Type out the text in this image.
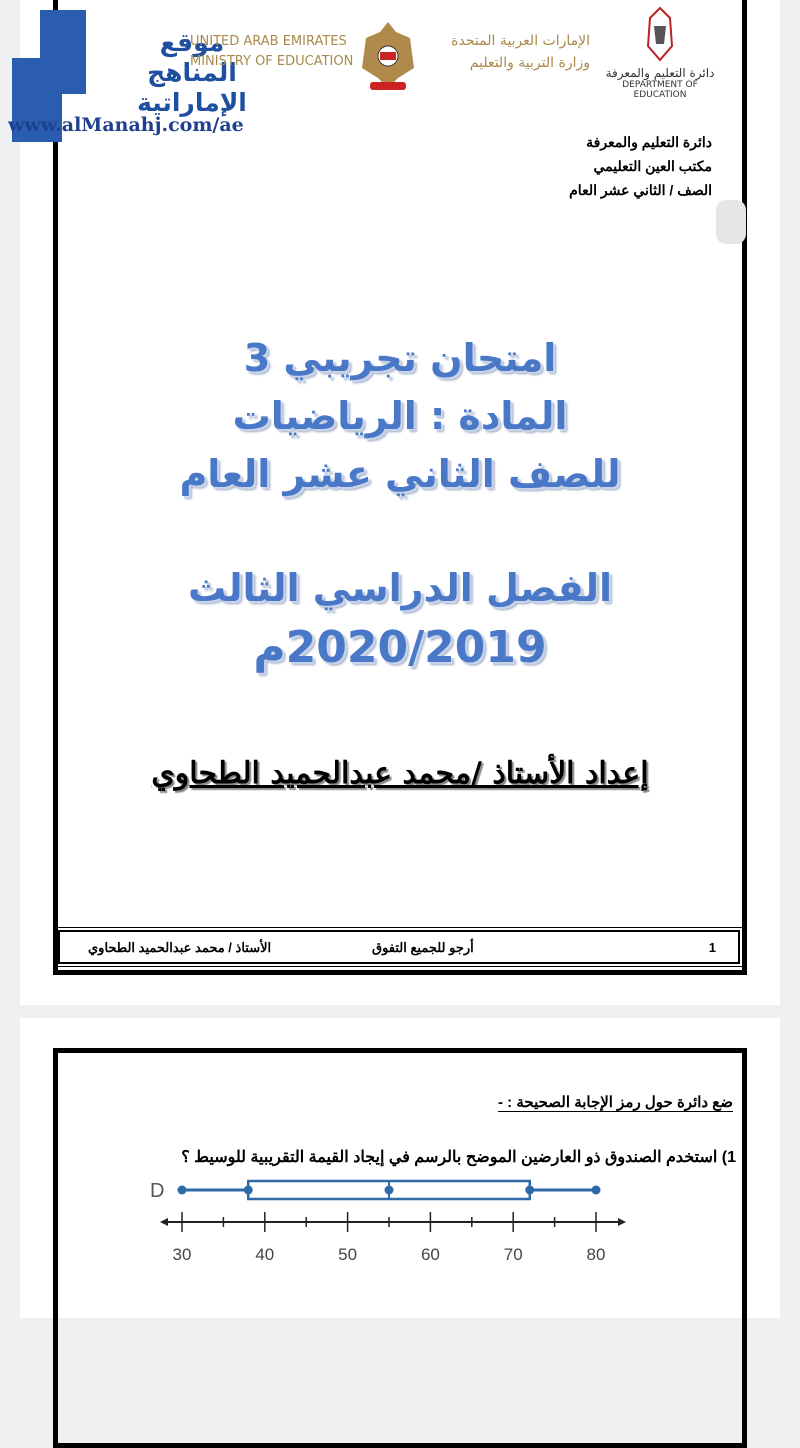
موقع
المناهج الإماراتية
www.alManahj.com/ae
UNITED ARAB EMIRATES
MINISTRY OF EDUCATION
الإمارات العربية المتحدة
وزارة التربية والتعليم
دائرة التعليم والمعرفة
DEPARTMENT OF EDUCATION
دائرة التعليم والمعرفة
مكتب العين التعليمي
الصف / الثاني عشر العام
امتحان تجريبي 3
المادة : الرياضيات
للصف الثاني عشر العام
الفصل الدراسي الثالث
2020/2019م
إعداد الأستاذ /محمد عبدالحميد الطحاوي
1
أرجو للجميع التفوق
الأستاذ / محمد عبدالحميد الطحاوي
ضع دائرة حول رمز الإجابة الصحيحة : -
1) استخدم الصندوق ذو العارضين الموضح بالرسم في إيجاد القيمة التقريبية للوسيط ؟
D
30	40	50	60	70	80
